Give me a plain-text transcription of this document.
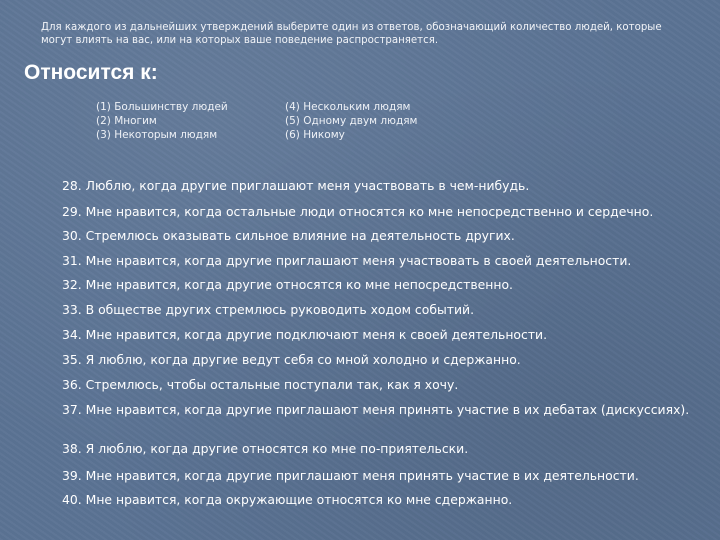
Для каждого из дальнейших утверждений выберите один из ответов, обозначающий количество людей, которые могут влиять на вас, или на которых ваше поведение распространяется.
Относится к:
(1) Большинству людей
(2) Многим
(3) Некоторым людям
(4) Нескольким людям
(5) Одному двум людям
(6) Никому
28. Люблю, когда другие приглашают меня участвовать в чем-нибудь.
29. Мне нравится, когда остальные люди относятся ко мне непосредственно и сердечно.
30. Стремлюсь оказывать сильное влияние на деятельность других.
31. Мне нравится, когда другие приглашают меня участвовать в своей деятельности.
32. Мне нравится, когда другие относятся ко мне непосредственно.
33. В обществе других стремлюсь руководить ходом событий.
34. Мне нравится, когда другие подключают меня к своей деятельности.
35. Я люблю, когда другие ведут себя со мной холодно и сдержанно.
36. Стремлюсь, чтобы остальные поступали так, как я хочу.
37. Мне нравится, когда другие приглашают меня принять участие в их дебатах (дискуссиях).
38. Я люблю, когда другие относятся ко мне по-приятельски.
39. Мне нравится, когда другие приглашают меня принять участие в их деятельности.
40. Мне нравится, когда окружающие относятся ко мне сдержанно.
